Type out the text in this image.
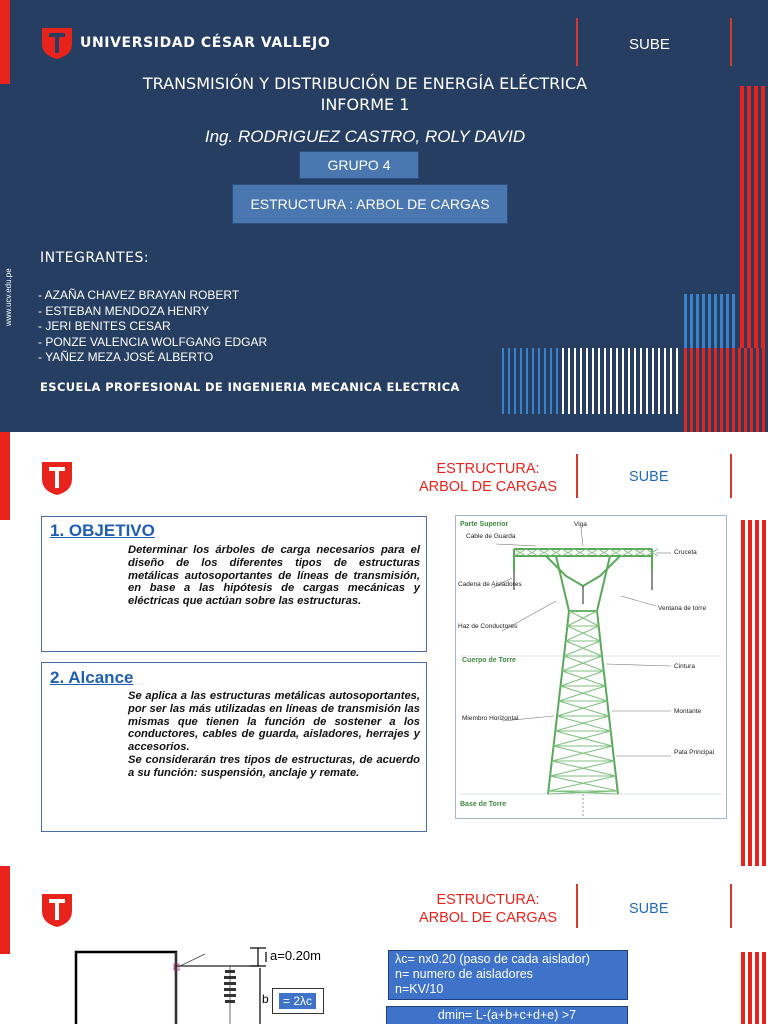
UNIVERSIDAD CÉSAR VALLEJO	SUBE
TRANSMISIÓN Y DISTRIBUCIÓN DE ENERGÍA ELÉCTRICA
INFORME 1
Ing. RODRIGUEZ CASTRO, ROLY DAVID
GRUPO 4
ESTRUCTURA : ARBOL DE CARGAS
www.ucv.edu.pe
INTEGRANTES:
- AZAÑA CHAVEZ BRAYAN ROBERT
- ESTEBAN MENDOZA HENRY
- JERI BENITES CESAR
- PONZE VALENCIA WOLFGANG EDGAR
- YAÑEZ MEZA JOSÉ ALBERTO
ESCUELA PROFESIONAL DE INGENIERIA MECANICA ELECTRICA
ESTRUCTURA:
ARBOL DE CARGAS
SUBE
1. OBJETIVO
Determinar los árboles de carga necesarios para el diseño de los diferentes tipos de estructuras metálicas autosoportantes de líneas de transmisión, en base a las hipótesis de cargas mecánicas y eléctricas que actúan sobre las estructuras.
2. Alcance
Se aplica a las estructuras metálicas autosoportantes, por ser las más utilizadas en líneas de transmisión las mismas que tienen la función de sostener a los conductores, cables de guarda, aisladores, herrajes y accesorios.
Se considerarán tres tipos de estructuras, de acuerdo a su función: suspensión, anclaje y remate.
Parte Superior	Viga
Cable de Guarda
Cruceta
Cadena de Aisladores
Ventana de torre
Haz de Conductores
Cuerpo de Torre
Cintura
Miembro Horizontal
Montante
Pata Principal
Base de Torre
ESTRUCTURA:
ARBOL DE CARGAS
SUBE
a=0.20m
b	= 2λc
λc= nx0.20 (paso de cada aislador)
n= numero de aisladores
n=KV/10
dmin= L-(a+b+c+d+e) >7
